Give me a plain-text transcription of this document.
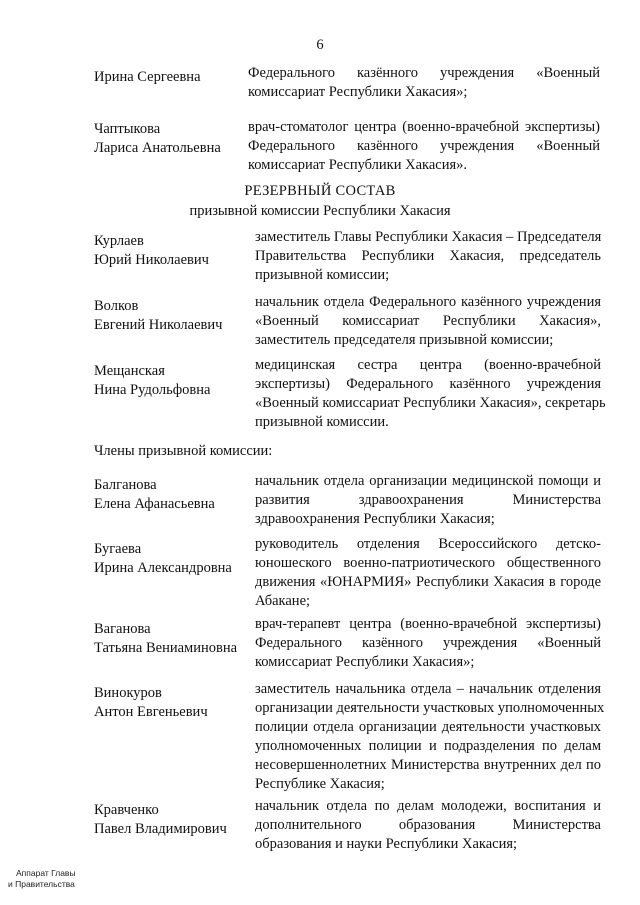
6
Ирина Сергеевна	Федерального казённого учреждения «Военный
комиссариат Республики Хакасия»;
Чаптыкова
Лариса Анатольевна
врач-стоматолог центра (военно-врачебной экспертизы)
Федерального казённого учреждения «Военный
комиссариат Республики Хакасия».
РЕЗЕРВНЫЙ СОСТАВ
призывной комиссии Республики Хакасия
Курлаев
Юрий Николаевич
заместитель Главы Республики Хакасия – Председателя
Правительства Республики Хакасия, председатель
призывной комиссии;
Волков
Евгений Николаевич
начальник отдела Федерального казённого учреждения
«Военный комиссариат Республики Хакасия»,
заместитель председателя призывной комиссии;
Мещанская
Нина Рудольфовна
медицинская сестра центра (военно-врачебной
экспертизы) Федерального казённого учреждения
«Военный комиссариат Республики Хакасия», секретарь
призывной комиссии.
Члены призывной комиссии:
Балганова
Елена Афанасьевна
начальник отдела организации медицинской помощи и
развития здравоохранения Министерства
здравоохранения Республики Хакасия;
Бугаева
Ирина Александровна
руководитель отделения Всероссийского детско-
юношеского военно-патриотического общественного
движения «ЮНАРМИЯ» Республики Хакасия в городе
Абакане;
Ваганова
Татьяна Вениаминовна
врач-терапевт центра (военно-врачебной экспертизы)
Федерального казённого учреждения «Военный
комиссариат Республики Хакасия»;
Винокуров
Антон Евгеньевич
заместитель начальника отдела – начальник отделения
организации деятельности участковых уполномоченных
полиции отдела организации деятельности участковых
уполномоченных полиции и подразделения по делам
несовершеннолетних Министерства внутренних дел по
Республике Хакасия;
Кравченко
Павел Владимирович
начальник отдела по делам молодежи, воспитания и
дополнительного образования Министерства
образования и науки Республики Хакасия;
Аппарат Главы
и Правительства
